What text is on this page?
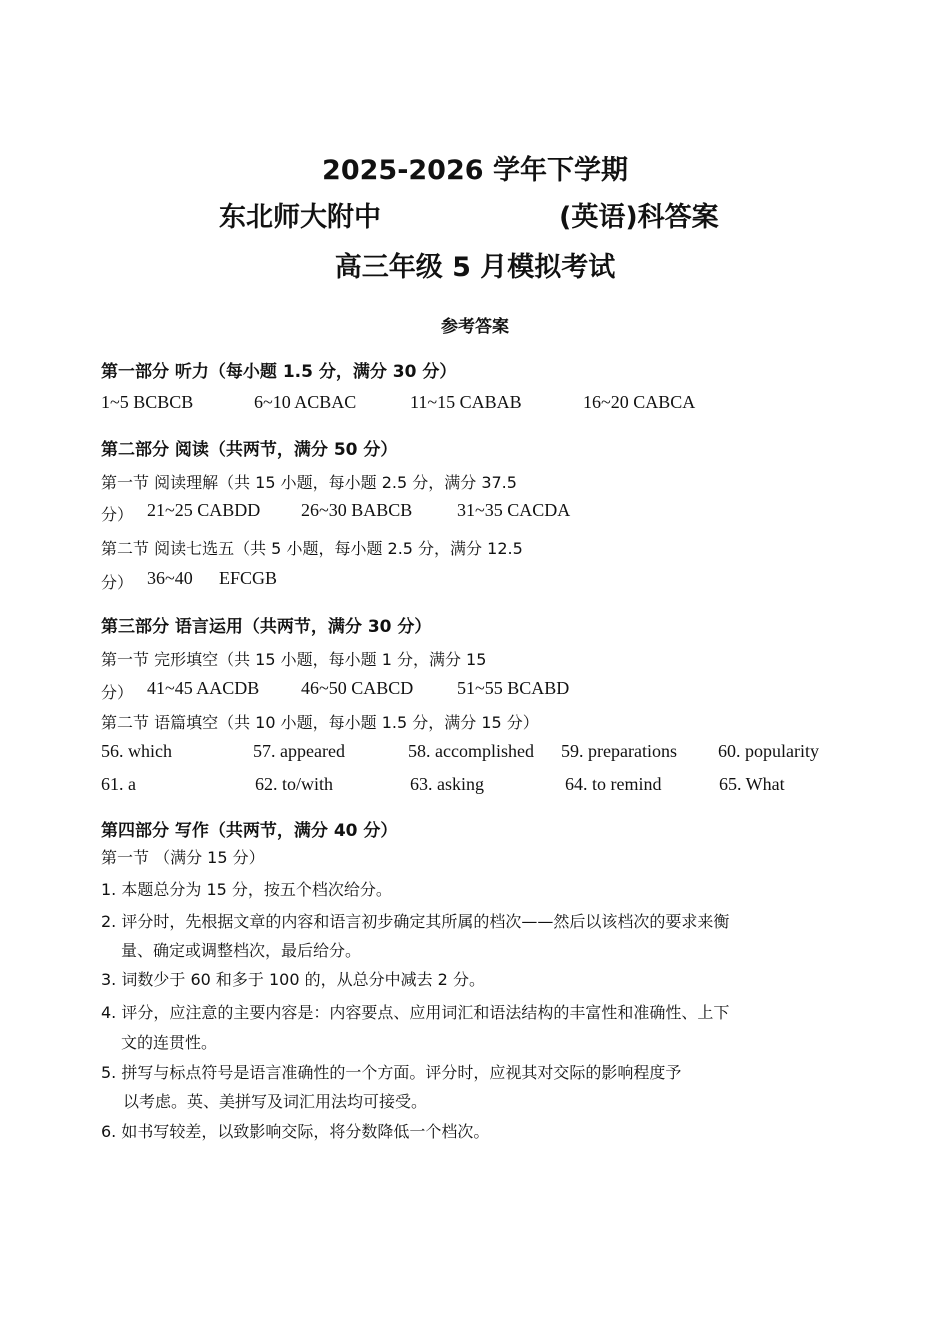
2025-2026 学年下学期
东北师大附中	(英语)科答案
高三年级 5 月模拟考试
参考答案
第一部分 听力（每小题 1.5 分，满分 30 分）
1~5 BCBCB	6~10 ACBAC	11~15 CABAB	16~20 CABCA
第二部分 阅读（共两节，满分 50 分）
第一节 阅读理解（共 15 小题，每小题 2.5 分，满分 37.5
分） 21~25 CABDD 26~30 BABCB 31~35 CACDA
第二节 阅读七选五（共 5 小题，每小题 2.5 分，满分 12.5
分） 36~40 EFCGB
第三部分 语言运用（共两节，满分 30 分）
第一节 完形填空（共 15 小题，每小题 1 分，满分 15
分） 41~45 AACDB 46~50 CABCD 51~55 BCABD
第二节 语篇填空（共 10 小题，每小题 1.5 分，满分 15 分）
56. which	57. appeared	58. accomplished 59. preparations 60. popularity
61. a	62. to/with	63. asking	64. to remind	65. What
第四部分 写作（共两节，满分 40 分）
第一节 （满分 15 分）
1. 本题总分为 15 分，按五个档次给分。
2. 评分时，先根据文章的内容和语言初步确定其所属的档次——然后以该档次的要求来衡
量、确定或调整档次，最后给分。
3. 词数少于 60 和多于 100 的，从总分中减去 2 分。
4. 评分，应注意的主要内容是：内容要点、应用词汇和语法结构的丰富性和准确性、上下
文的连贯性。
5. 拼写与标点符号是语言准确性的一个方面。评分时，应视其对交际的影响程度予
以考虑。英、美拼写及词汇用法均可接受。
6. 如书写较差，以致影响交际，将分数降低一个档次。
